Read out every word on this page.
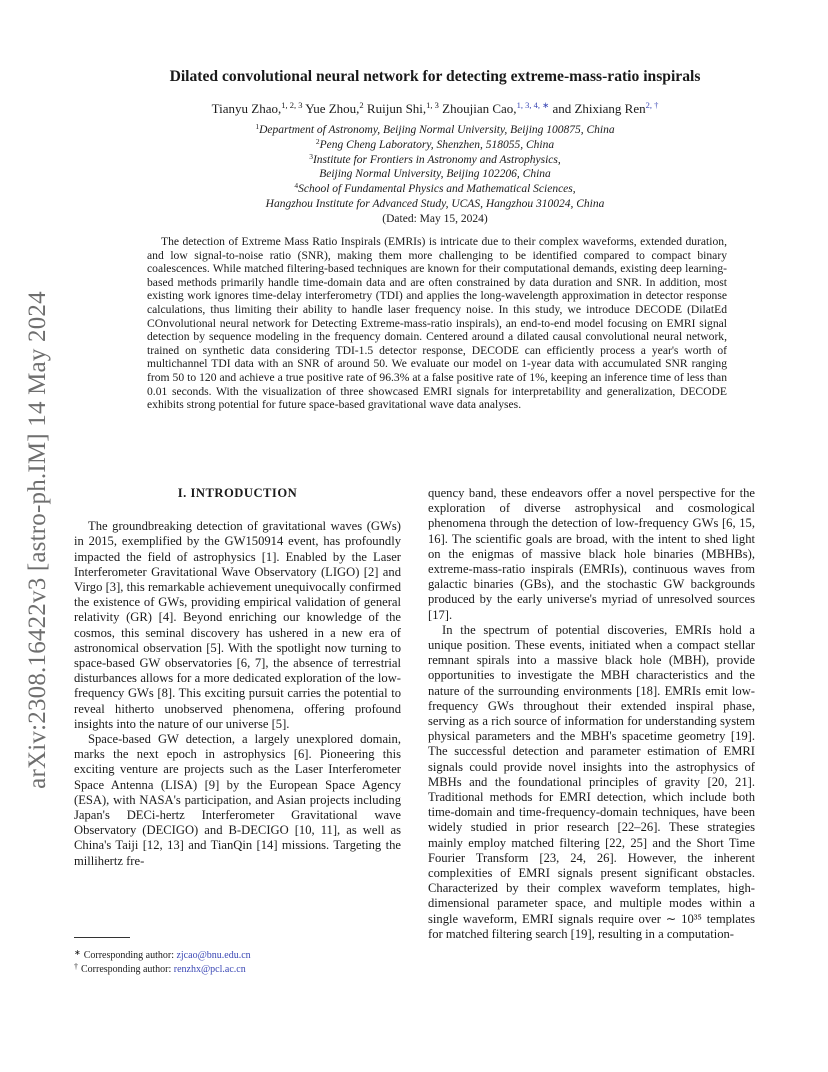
arXiv:2308.16422v3 [astro-ph.IM] 14 May 2024
Dilated convolutional neural network for detecting extreme-mass-ratio inspirals
Tianyu Zhao,$^{1, 2, 3}$ Yue Zhou,$^2$ Ruijun Shi,$^{1, 3}$ Zhoujian Cao,$^{1, 3, 4, ∗}$ and Zhixiang Ren$^{2, \dagger}$
$^1$Department of Astronomy, Beijing Normal University, Beijing 100875, China
$^2$Peng Cheng Laboratory, Shenzhen, 518055, China
$^3$Institute for Frontiers in Astronomy and Astrophysics,
Beijing Normal University, Beijing 102206, China
$^4$School of Fundamental Physics and Mathematical Sciences,
Hangzhou Institute for Advanced Study, UCAS, Hangzhou 310024, China
(Dated: May 15, 2024)
The detection of Extreme Mass Ratio Inspirals (EMRIs) is intricate due to their complex waveforms, extended duration, and low signal-to-noise ratio (SNR), making them more challenging to be identified compared to compact binary coalescences. While matched filtering-based techniques are known for their computational demands, existing deep learning-based methods primarily handle time-domain data and are often constrained by data duration and SNR. In addition, most existing work ignores time-delay interferometry (TDI) and applies the long-wavelength approximation in detector response calculations, thus limiting their ability to handle laser frequency noise. In this study, we introduce DECODE (DilatEd COnvolutional neural network for Detecting Extreme-mass-ratio inspirals), an end-to-end model focusing on EMRI signal detection by sequence modeling in the frequency domain. Centered around a dilated causal convolutional neural network, trained on synthetic data considering TDI-1.5 detector response, DECODE can efficiently process a year's worth of multichannel TDI data with an SNR of around 50. We evaluate our model on 1-year data with accumulated SNR ranging from 50 to 120 and achieve a true positive rate of 96.3% at a false positive rate of 1%, keeping an inference time of less than 0.01 seconds. With the visualization of three showcased EMRI signals for interpretability and generalization, DECODE exhibits strong potential for future space-based gravitational wave data analyses.
I. INTRODUCTION

The groundbreaking detection of gravitational waves (GWs) in 2015, exemplified by the GW150914 event, has profoundly impacted the field of astrophysics [1]. Enabled by the Laser Interferometer Gravitational Wave Observatory (LIGO) [2] and Virgo [3], this remarkable achievement unequivocally confirmed the existence of GWs, providing empirical validation of general relativity (GR) [4]. Beyond enriching our knowledge of the cosmos, this seminal discovery has ushered in a new era of astronomical observation [5]. With the spotlight now turning to space-based GW observatories [6, 7], the absence of terrestrial disturbances allows for a more dedicated exploration of the low-frequency GWs [8]. This exciting pursuit carries the potential to reveal hitherto unobserved phenomena, offering profound insights into the nature of our universe [5].

Space-based GW detection, a largely unexplored domain, marks the next epoch in astrophysics [6]. Pioneering this exciting venture are projects such as the Laser Interferometer Space Antenna (LISA) [9] by the European Space Agency (ESA), with NASA's participation, and Asian projects including Japan's DECi-hertz Interferometer Gravitational wave Observatory (DECIGO) and B-DECIGO [10, 11], as well as China's Taiji [12, 13] and TianQin [14] missions. Targeting the millihertz fre-

quency band, these endeavors offer a novel perspective for the exploration of diverse astrophysical and cosmological phenomena through the detection of low-frequency GWs [6, 15, 16]. The scientific goals are broad, with the intent to shed light on the enigmas of massive black hole binaries (MBHBs), extreme-mass-ratio inspirals (EMRIs), continuous waves from galactic binaries (GBs), and the stochastic GW backgrounds produced by the early universe's myriad of unresolved sources [17].

In the spectrum of potential discoveries, EMRIs hold a unique position. These events, initiated when a compact stellar remnant spirals into a massive black hole (MBH), provide opportunities to investigate the MBH characteristics and the nature of the surrounding environments [18]. EMRIs emit low-frequency GWs throughout their extended inspiral phase, serving as a rich source of information for understanding system physical parameters and the MBH's spacetime geometry [19]. The successful detection and parameter estimation of EMRI signals could provide novel insights into the astrophysics of MBHs and the foundational principles of gravity [20, 21]. Traditional methods for EMRI detection, which include both time-domain and time-frequency-domain techniques, have been widely studied in prior research [22–26]. These strategies mainly employ matched filtering [22, 25] and the Short Time Fourier Transform [23, 24, 26]. However, the inherent complexities of EMRI signals present significant obstacles. Characterized by their complex waveform templates, high-dimensional parameter space, and multiple modes within a single waveform, EMRI signals require over ∼ 10³⁵ templates for matched filtering search [19], resulting in a computation-

∗ Corresponding author: zjcao@bnu.edu.cn
† Corresponding author: renzhx@pcl.ac.cn
